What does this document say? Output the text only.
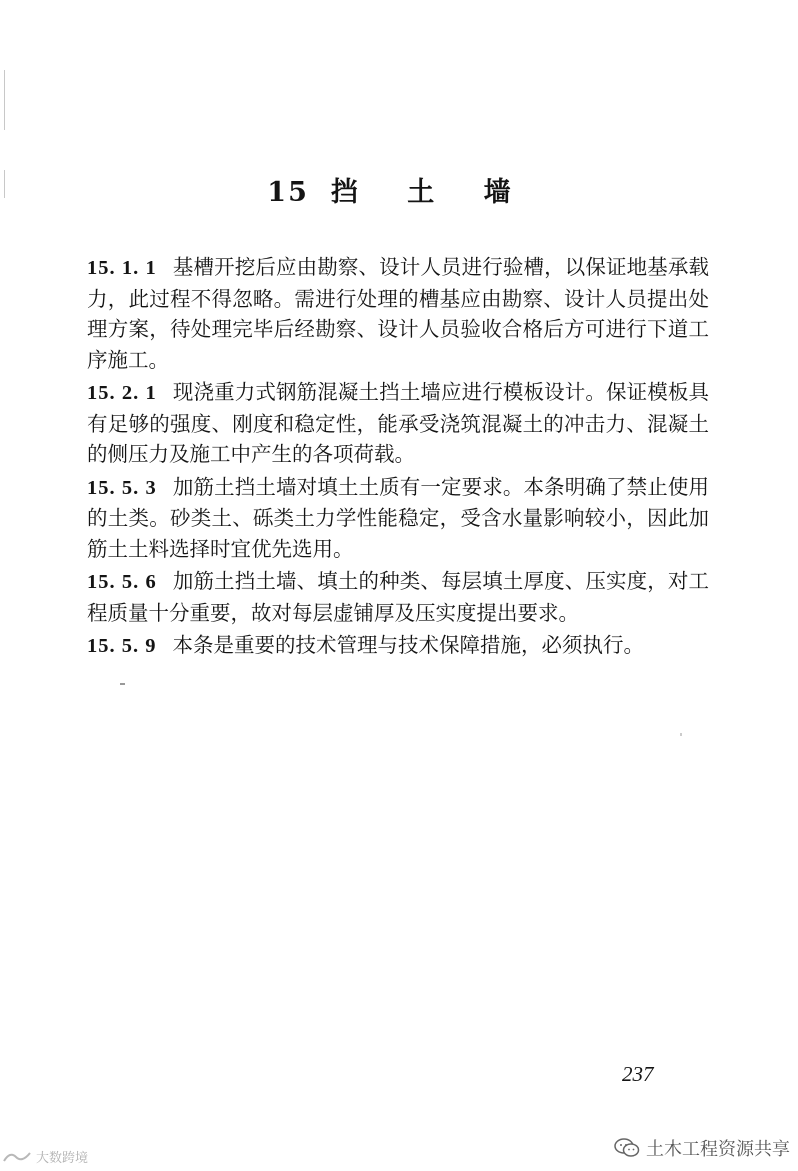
15 挡 土 墙

15. 1. 1 基槽开挖后应由勘察、设计人员进行验槽，以保证地基承载力，此过程不得忽略。需进行处理的槽基应由勘察、设计人员提出处理方案，待处理完毕后经勘察、设计人员验收合格后方可进行下道工序施工。

15. 2. 1 现浇重力式钢筋混凝土挡土墙应进行模板设计。保证模板具有足够的强度、刚度和稳定性，能承受浇筑混凝土的冲击力、混凝土的侧压力及施工中产生的各项荷载。

15. 5. 3 加筋土挡土墙对填土土质有一定要求。本条明确了禁止使用的土类。砂类土、砾类土力学性能稳定，受含水量影响较小，因此加筋土土料选择时宜优先选用。

15. 5. 6 加筋土挡土墙、填土的种类、每层填土厚度、压实度，对工程质量十分重要，故对每层虚铺厚及压实度提出要求。

15. 5. 9 本条是重要的技术管理与技术保障措施，必须执行。

237
大数跨境	土木工程资源共享
